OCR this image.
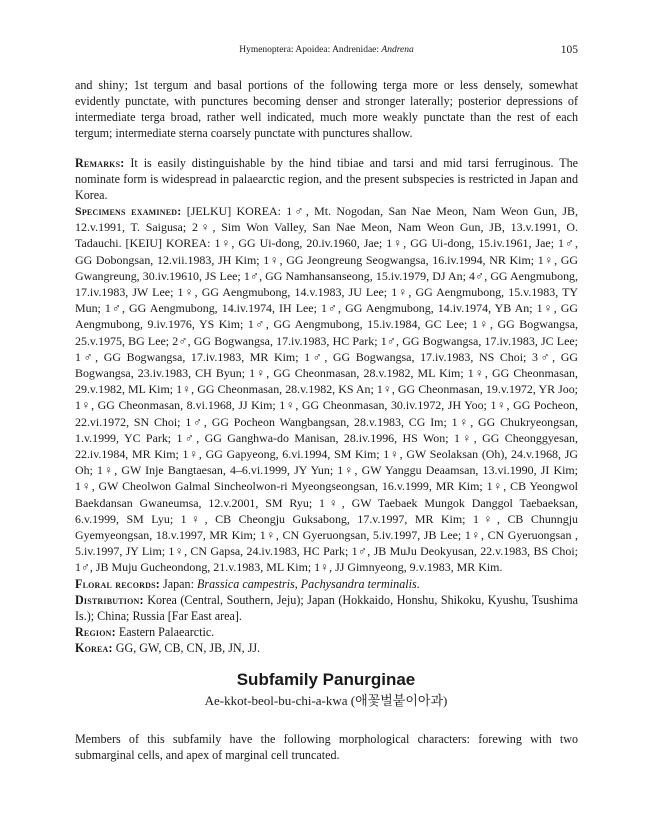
Hymenoptera: Apoidea: Andrenidae: Andrena	105

and shiny; 1st tergum and basal portions of the following terga more or less densely, somewhat evidently punctate, with punctures becoming denser and stronger laterally; posterior depressions of intermediate terga broad, rather well indicated, much more weakly punctate than the rest of each tergum; intermediate sterna coarsely punctate with punctures shallow.

Remarks: It is easily distinguishable by the hind tibiae and tarsi and mid tarsi ferruginous. The nominate form is widespread in palaearctic region, and the present subspecies is restricted in Japan and Korea.

Specimens examined: [JELKU] KOREA: 1♂, Mt. Nogodan, San Nae Meon, Nam Weon Gun, JB, 12.v.1991, T. Saigusa; 2♀, Sim Won Valley, San Nae Meon, Nam Weon Gun, JB, 13.v.1991, O. Tadauchi. [KEIU] KOREA: 1♀, GG Ui-dong, 20.iv.1960, Jae; 1♀, GG Ui-dong, 15.iv.1961, Jae; 1♂, GG Dobongsan, 12.vii.1983, JH Kim; 1♀, GG Jeongreung Seogwangsa, 16.iv.1994, NR Kim; 1♀, GG Gwangreung, 30.iv.19610, JS Lee; 1♂, GG Namhansanseong, 15.iv.1979, DJ An; 4♂, GG Aengmubong, 17.iv.1983, JW Lee; 1♀, GG Aengmubong, 14.v.1983, JU Lee; 1♀, GG Aengmubong, 15.v.1983, TY Mun; 1♂, GG Aengmubong, 14.iv.1974, IH Lee; 1♂, GG Aengmubong, 14.iv.1974, YB An; 1♀, GG Aengmubong, 9.iv.1976, YS Kim; 1♂, GG Aengmubong, 15.iv.1984, GC Lee; 1♀, GG Bogwangsa, 25.v.1975, BG Lee; 2♂, GG Bogwangsa, 17.iv.1983, HC Park; 1♂, GG Bogwangsa, 17.iv.1983, JC Lee; 1♂, GG Bogwangsa, 17.iv.1983, MR Kim; 1♂, GG Bogwangsa, 17.iv.1983, NS Choi; 3♂, GG Bogwangsa, 23.iv.1983, CH Byun; 1♀, GG Cheonmasan, 28.v.1982, ML Kim; 1♀, GG Cheonmasan, 29.v.1982, ML Kim; 1♀, GG Cheonmasan, 28.v.1982, KS An; 1♀, GG Cheonmasan, 19.v.1972, YR Joo; 1♀, GG Cheonmasan, 8.vi.1968, JJ Kim; 1♀, GG Cheonmasan, 30.iv.1972, JH Yoo; 1♀, GG Pocheon, 22.vi.1972, SN Choi; 1♂, GG Pocheon Wangbangsan, 28.v.1983, CG Im; 1♀, GG Chukryeongsan, 1.v.1999, YC Park; 1♂, GG Ganghwa-do Manisan, 28.iv.1996, HS Won; 1♀, GG Cheonggyesan, 22.iv.1984, MR Kim; 1♀, GG Gapyeong, 6.vi.1994, SM Kim; 1♀, GW Seolaksan (Oh), 24.v.1968, JG Oh; 1♀, GW Inje Bangtaesan, 4–6.vi.1999, JY Yun; 1♀, GW Yanggu Deaamsan, 13.vi.1990, JI Kim; 1♀, GW Cheolwon Galmal Sincheolwon-ri Myeongseongsan, 16.v.1999, MR Kim; 1♀, CB Yeongwol Baekdansan Gwaneumsa, 12.v.2001, SM Ryu; 1♀, GW Taebaek Mungok Danggol Taebaeksan, 6.v.1999, SM Lyu; 1♀, CB Cheongju Guksabong, 17.v.1997, MR Kim; 1♀, CB Chunngju Gyemyeongsan, 18.v.1997, MR Kim; 1♀, CN Gyeruongsan, 5.iv.1997, JB Lee; 1♀, CN Gyeruongsan , 5.iv.1997, JY Lim; 1♀, CN Gapsa, 24.iv.1983, HC Park; 1♂, JB MuJu Deokyusan, 22.v.1983, BS Choi; 1♂, JB Muju Gucheondong, 21.v.1983, ML Kim; 1♀, JJ Gimnyeong, 9.v.1983, MR Kim.

Floral records: Japan: Brassica campestris, Pachysandra terminalis.

Distribution: Korea (Central, Southern, Jeju); Japan (Hokkaido, Honshu, Shikoku, Kyushu, Tsushima Is.); China; Russia [Far East area].

Region: Eastern Palaearctic.

Korea: GG, GW, CB, CN, JB, JN, JJ.

Subfamily Panurginae
Ae-kkot-beol-bu-chi-a-kwa (애꽃벌붙이아과)

Members of this subfamily have the following morphological characters: forewing with two submarginal cells, and apex of marginal cell truncated.
